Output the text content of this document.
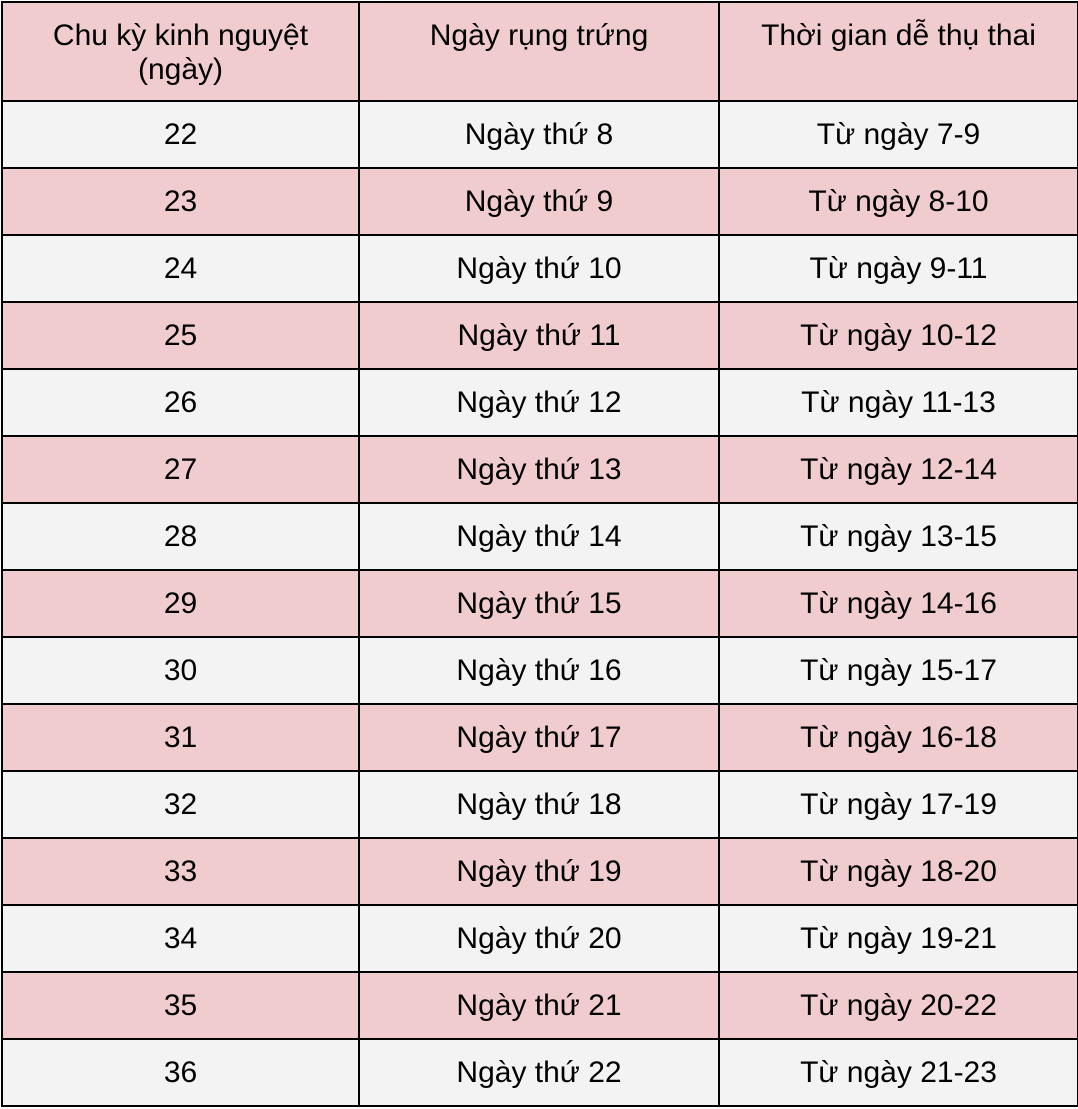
Chu kỳ kinh nguyệt
(ngày)	Ngày rụng trứng	Thời gian dễ thụ thai
22	Ngày thứ 8	Từ ngày 7-9
23	Ngày thứ 9	Từ ngày 8-10
24	Ngày thứ 10	Từ ngày 9-11
25	Ngày thứ 11	Từ ngày 10-12
26	Ngày thứ 12	Từ ngày 11-13
27	Ngày thứ 13	Từ ngày 12-14
28	Ngày thứ 14	Từ ngày 13-15
29	Ngày thứ 15	Từ ngày 14-16
30	Ngày thứ 16	Từ ngày 15-17
31	Ngày thứ 17	Từ ngày 16-18
32	Ngày thứ 18	Từ ngày 17-19
33	Ngày thứ 19	Từ ngày 18-20
34	Ngày thứ 20	Từ ngày 19-21
35	Ngày thứ 21	Từ ngày 20-22
36	Ngày thứ 22	Từ ngày 21-23
